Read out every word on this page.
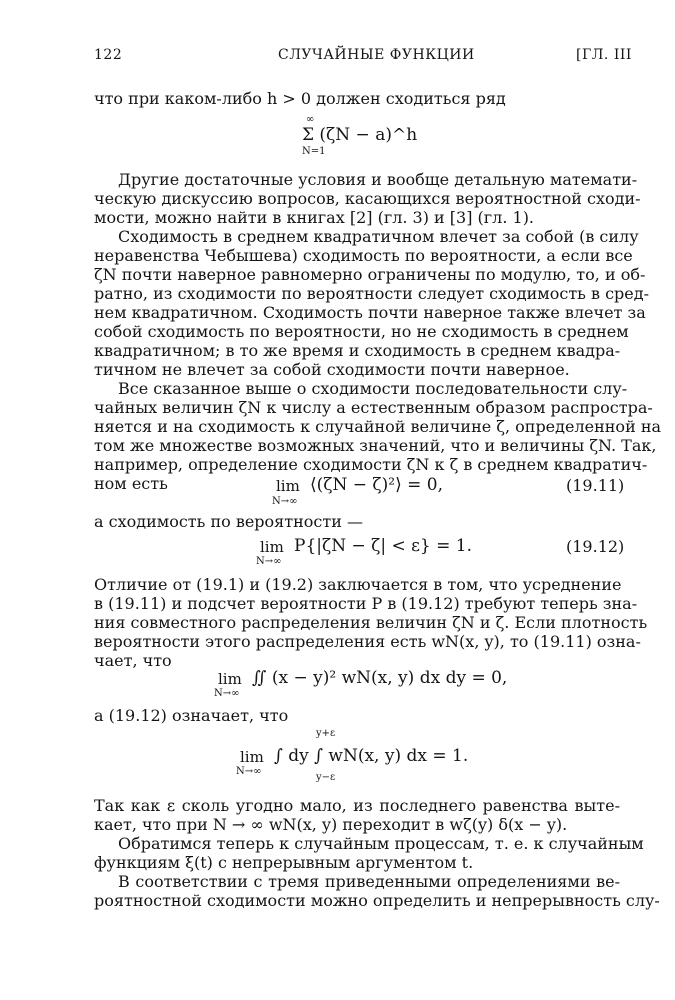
122	СЛУЧАЙНЫЕ ФУНКЦИИ	[ГЛ. III
что при каком-либо h > 0 должен сходиться ряд
∞
N=1
Σ (ζN − a)^h
Другие достаточные условия и вообще детальную математи-
ческую дискуссию вопросов, касающихся вероятностной сходи-
мости, можно найти в книгах [2] (гл. 3) и [3] (гл. 1).
Сходимость в среднем квадратичном влечет за собой (в силу
неравенства Чебышева) сходимость по вероятности, а если все
ζN почти наверное равномерно ограничены по модулю, то, и об-
ратно, из сходимости по вероятности следует сходимость в сред-
нем квадратичном. Сходимость почти наверное также влечет за
собой сходимость по вероятности, но не сходимость в среднем
квадратичном; в то же время и сходимость в среднем квадра-
тичном не влечет за собой сходимости почти наверное.
Все сказанное выше о сходимости последовательности слу-
чайных величин ζN к числу a естественным образом распростра-
няется и на сходимость к случайной величине ζ, определенной на
том же множестве возможных значений, что и величины ζN. Так,
например, определение сходимости ζN к ζ в среднем квадратич-
ном есть	lim
N→∞
⟨(ζN − ζ)²⟩ = 0,	(19.11)
а сходимость по вероятности —
lim
N→∞
P{|ζN − ζ| < ε} = 1.	(19.12)
Отличие от (19.1) и (19.2) заключается в том, что усреднение
в (19.11) и подсчет вероятности P в (19.12) требуют теперь зна-
ния совместного распределения величин ζN и ζ. Если плотность
вероятности этого распределения есть wN(x, y), то (19.11) озна-
чает, что
lim
N→∞
∬ (x − y)² wN(x, y) dx dy = 0,
а (19.12) означает, что
y+ε
y−ε
lim
N→∞
∫ dy ∫ wN(x, y) dx = 1.
Так как ε сколь угодно мало, из последнего равенства выте-
кает, что при N → ∞ wN(x, y) переходит в wζ(y) δ(x − y).
Обратимся теперь к случайным процессам, т. е. к случайным
функциям ξ(t) с непрерывным аргументом t.
В соответствии с тремя приведенными определениями ве-
роятностной сходимости можно определить и непрерывность слу-
